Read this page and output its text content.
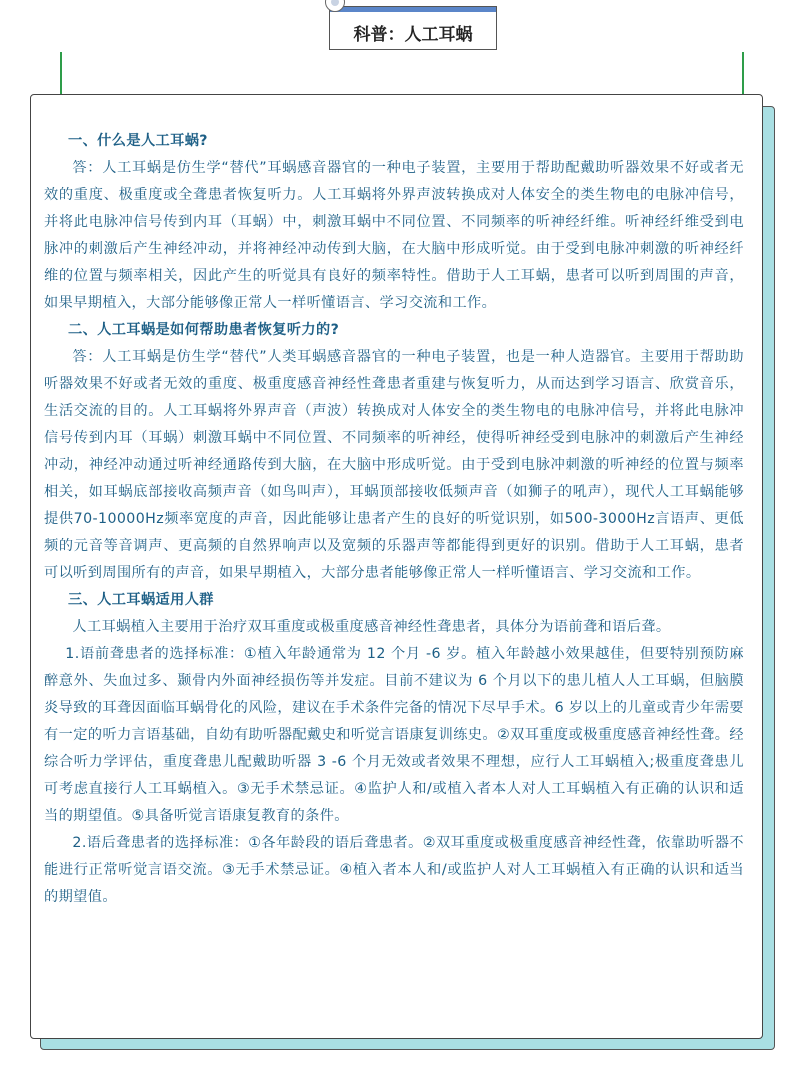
科普：人工耳蜗

一、什么是人工耳蜗?

答：人工耳蜗是仿生学“替代”耳蜗感音器官的一种电子装置，主要用于帮助配戴助听器效果不好或者无效的重度、极重度或全聋患者恢复听力。人工耳蜗将外界声波转换成对人体安全的类生物电的电脉冲信号，并将此电脉冲信号传到内耳（耳蜗）中，刺激耳蜗中不同位置、不同频率的听神经纤维。听神经纤维受到电脉冲的刺激后产生神经冲动，并将神经冲动传到大脑，在大脑中形成听觉。由于受到电脉冲刺激的听神经纤维的位置与频率相关，因此产生的听觉具有良好的频率特性。借助于人工耳蜗，患者可以听到周围的声音，如果早期植入，大部分能够像正常人一样听懂语言、学习交流和工作。

二、人工耳蜗是如何帮助患者恢复听力的?

答：人工耳蜗是仿生学“替代”人类耳蜗感音器官的一种电子装置，也是一种人造器官。主要用于帮助助听器效果不好或者无效的重度、极重度感音神经性聋患者重建与恢复听力，从而达到学习语言、欣赏音乐，生活交流的目的。人工耳蜗将外界声音（声波）转换成对人体安全的类生物电的电脉冲信号，并将此电脉冲信号传到内耳（耳蜗）刺激耳蜗中不同位置、不同频率的听神经，使得听神经受到电脉冲的刺激后产生神经冲动，神经冲动通过听神经通路传到大脑，在大脑中形成听觉。由于受到电脉冲刺激的听神经的位置与频率相关，如耳蜗底部接收高频声音（如鸟叫声），耳蜗顶部接收低频声音（如狮子的吼声），现代人工耳蜗能够提供70-10000Hz频率宽度的声音，因此能够让患者产生的良好的听觉识别，如500-3000Hz言语声、更低频的元音等音调声、更高频的自然界响声以及宽频的乐器声等都能得到更好的识别。借助于人工耳蜗，患者可以听到周围所有的声音，如果早期植入，大部分患者能够像正常人一样听懂语言、学习交流和工作。

三、人工耳蜗适用人群

人工耳蜗植入主要用于治疗双耳重度或极重度感音神经性聋患者，具体分为语前聋和语后聋。

1.语前聋患者的选择标准：①植入年龄通常为 12 个月 -6 岁。植入年龄越小效果越佳，但要特别预防麻醉意外、失血过多、颞骨内外面神经损伤等并发症。目前不建议为 6 个月以下的患儿植人人工耳蜗，但脑膜炎导致的耳聋因面临耳蜗骨化的风险，建议在手术条件完备的情况下尽早手术。6 岁以上的儿童或青少年需要有一定的听力言语基础，自幼有助听器配戴史和听觉言语康复训练史。②双耳重度或极重度感音神经性聋。经综合听力学评估，重度聋患儿配戴助听器 3 -6 个月无效或者效果不理想，应行人工耳蜗植入;极重度聋患儿可考虑直接行人工耳蜗植入。③无手术禁忌证。④监护人和/或植入者本人对人工耳蜗植入有正确的认识和适当的期望值。⑤具备听觉言语康复教育的条件。

2.语后聋患者的选择标准：①各年龄段的语后聋患者。②双耳重度或极重度感音神经性聋，依靠助听器不能进行正常听觉言语交流。③无手术禁忌证。④植入者本人和/或监护人对人工耳蜗植入有正确的认识和适当的期望值。
